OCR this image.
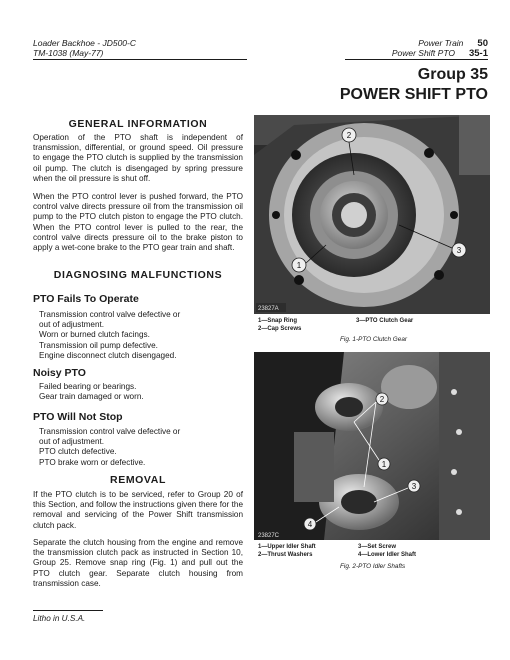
Loader Backhoe - JD500-C
TM-1038 (May-77)
Power Train 50
Power Shift PTO 35-1
Group 35
POWER SHIFT PTO
GENERAL INFORMATION
Operation of the PTO shaft is independent of transmission, differential, or ground speed. Oil pressure to engage the PTO clutch is supplied by the transmission oil pump. The clutch is disengaged by spring pressure when the oil pressure is shut off.
When the PTO control lever is pushed forward, the PTO control valve directs pressure oil from the transmission oil pump to the PTO clutch piston to engage the PTO clutch. When the PTO control lever is pulled to the rear, the control valve directs pressure oil to the brake piston to apply a wet-cone brake to the PTO gear train and shaft.
DIAGNOSING MALFUNCTIONS
PTO Fails To Operate
Transmission control valve defective or
out of adjustment.
Worn or burned clutch facings.
Transmission oil pump defective.
Engine disconnect clutch disengaged.
Noisy PTO
Failed bearing or bearings.
Gear train damaged or worn.
PTO Will Not Stop
Transmission control valve defective or
out of adjustment.
PTO clutch defective.
PTO brake worn or defective.
REMOVAL
If the PTO clutch is to be serviced, refer to Group 20 of this Section, and follow the instructions given there for the removal and servicing of the Power Shift transmission clutch pack.
Separate the clutch housing from the engine and remove the transmission clutch pack as instructed in Section 10, Group 25. Remove snap ring (Fig. 1) and pull out the PTO clutch gear. Separate clutch housing from transmission case.
Litho in U.S.A.
2
1
3
23827A
1—Snap Ring
2—Cap Screws
3—PTO Clutch Gear
Fig. 1-PTO Clutch Gear
2
1
3
4
23827C
1—Upper Idler Shaft
2—Thrust Washers
3—Set Screw
4—Lower Idler Shaft
Fig. 2-PTO Idler Shafts
